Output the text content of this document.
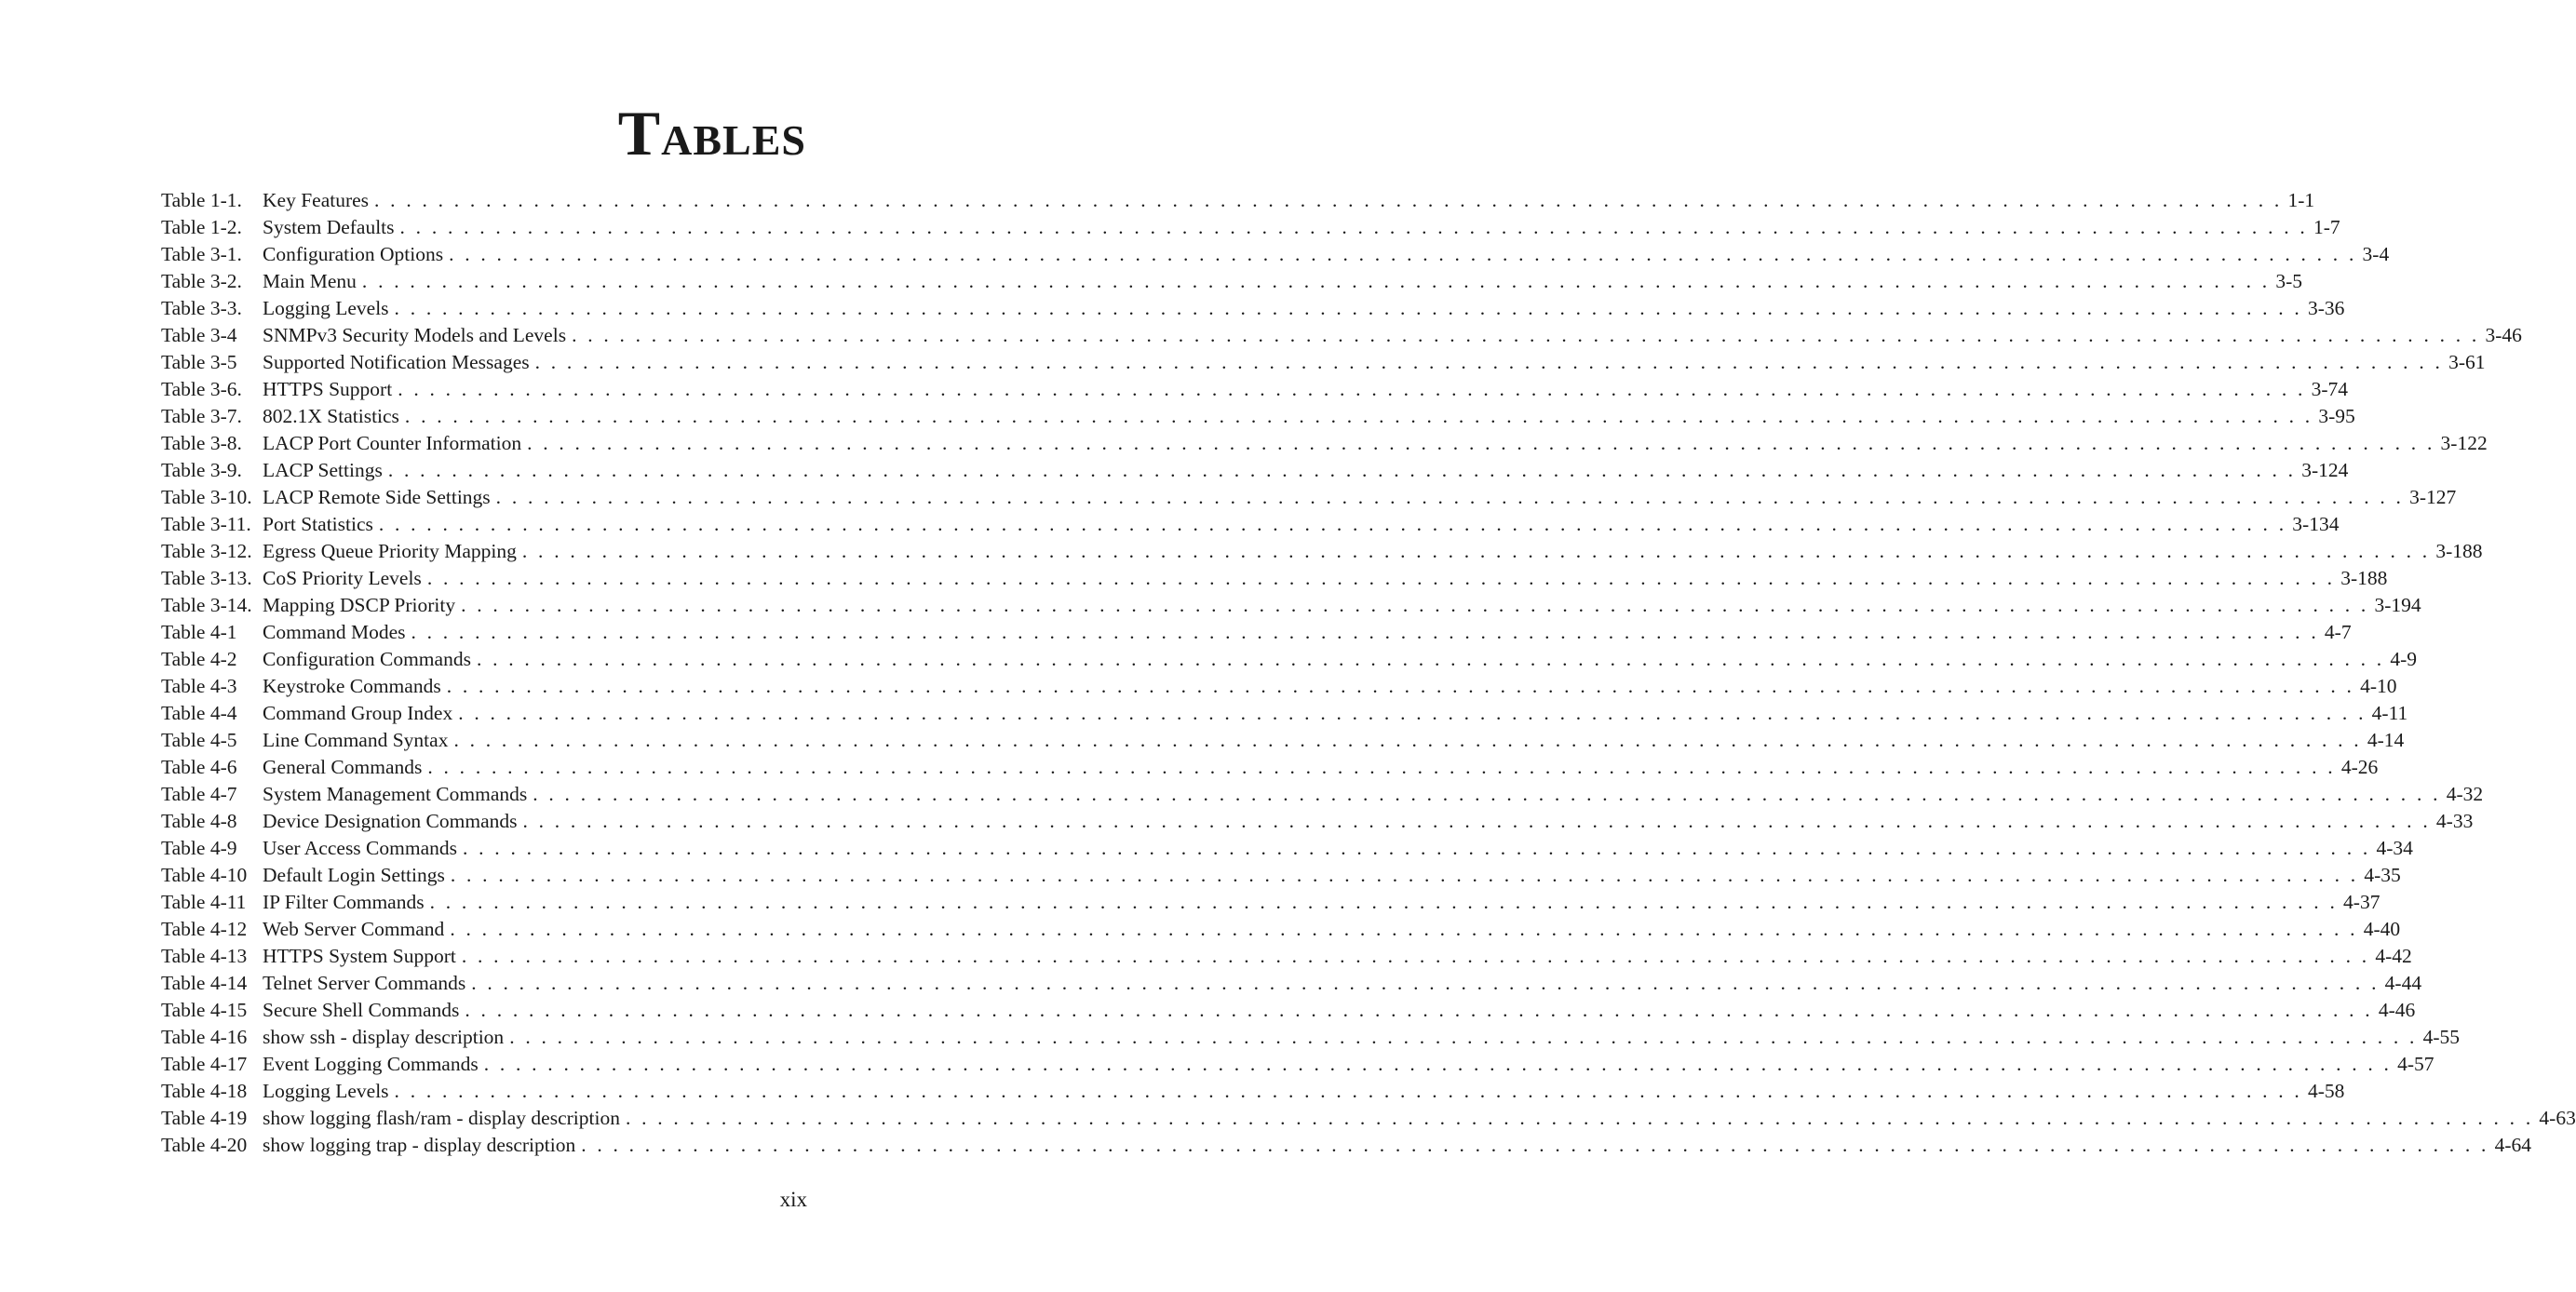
TABLES
Table 1-1.	Key Features . . . . . . . . . . . . . . . . . . . . . . . . . . . . . . . . . . . . . . . . . . . . . . . . . . . . . . . . . . . . . . . . . . . . . . . . . . . . . . . . . . . . . . . . . . . . . . . . . . . . . . . . . . . . . . . . . . . . . . . . 1-1
Table 1-2.	System Defaults . . . . . . . . . . . . . . . . . . . . . . . . . . . . . . . . . . . . . . . . . . . . . . . . . . . . . . . . . . . . . . . . . . . . . . . . . . . . . . . . . . . . . . . . . . . . . . . . . . . . . . . . . . . . . . . . . . . . . . . . 1-7
Table 3-1.	Configuration Options . . . . . . . . . . . . . . . . . . . . . . . . . . . . . . . . . . . . . . . . . . . . . . . . . . . . . . . . . . . . . . . . . . . . . . . . . . . . . . . . . . . . . . . . . . . . . . . . . . . . . . . . . . . . . . . . . . . . . . . . 3-4
Table 3-2.	Main Menu . . . . . . . . . . . . . . . . . . . . . . . . . . . . . . . . . . . . . . . . . . . . . . . . . . . . . . . . . . . . . . . . . . . . . . . . . . . . . . . . . . . . . . . . . . . . . . . . . . . . . . . . . . . . . . . . . . . . . . . . 3-5
Table 3-3.	Logging Levels . . . . . . . . . . . . . . . . . . . . . . . . . . . . . . . . . . . . . . . . . . . . . . . . . . . . . . . . . . . . . . . . . . . . . . . . . . . . . . . . . . . . . . . . . . . . . . . . . . . . . . . . . . . . . . . . . . . . . . . . 3-36
Table 3-4	SNMPv3 Security Models and Levels . . . . . . . . . . . . . . . . . . . . . . . . . . . . . . . . . . . . . . . . . . . . . . . . . . . . . . . . . . . . . . . . . . . . . . . . . . . . . . . . . . . . . . . . . . . . . . . . . . . . . . . . . . . . . . . . . . . . . . . . 3-46
Table 3-5	Supported Notification Messages . . . . . . . . . . . . . . . . . . . . . . . . . . . . . . . . . . . . . . . . . . . . . . . . . . . . . . . . . . . . . . . . . . . . . . . . . . . . . . . . . . . . . . . . . . . . . . . . . . . . . . . . . . . . . . . . . . . . . . . . 3-61
Table 3-6.	HTTPS Support . . . . . . . . . . . . . . . . . . . . . . . . . . . . . . . . . . . . . . . . . . . . . . . . . . . . . . . . . . . . . . . . . . . . . . . . . . . . . . . . . . . . . . . . . . . . . . . . . . . . . . . . . . . . . . . . . . . . . . . . 3-74
Table 3-7.	802.1X Statistics . . . . . . . . . . . . . . . . . . . . . . . . . . . . . . . . . . . . . . . . . . . . . . . . . . . . . . . . . . . . . . . . . . . . . . . . . . . . . . . . . . . . . . . . . . . . . . . . . . . . . . . . . . . . . . . . . . . . . . . . 3-95
Table 3-8.	LACP Port Counter Information . . . . . . . . . . . . . . . . . . . . . . . . . . . . . . . . . . . . . . . . . . . . . . . . . . . . . . . . . . . . . . . . . . . . . . . . . . . . . . . . . . . . . . . . . . . . . . . . . . . . . . . . . . . . . . . . . . . . . . . . 3-122
Table 3-9.	LACP Settings . . . . . . . . . . . . . . . . . . . . . . . . . . . . . . . . . . . . . . . . . . . . . . . . . . . . . . . . . . . . . . . . . . . . . . . . . . . . . . . . . . . . . . . . . . . . . . . . . . . . . . . . . . . . . . . . . . . . . . . . 3-124
Table 3-10. LACP Remote Side Settings . . . . . . . . . . . . . . . . . . . . . . . . . . . . . . . . . . . . . . . . . . . . . . . . . . . . . . . . . . . . . . . . . . . . . . . . . . . . . . . . . . . . . . . . . . . . . . . . . . . . . . . . . . . . . . . . . . . . . . . . 3-127
Table 3-11. Port Statistics . . . . . . . . . . . . . . . . . . . . . . . . . . . . . . . . . . . . . . . . . . . . . . . . . . . . . . . . . . . . . . . . . . . . . . . . . . . . . . . . . . . . . . . . . . . . . . . . . . . . . . . . . . . . . . . . . . . . . . . . 3-134
Table 3-12. Egress Queue Priority Mapping . . . . . . . . . . . . . . . . . . . . . . . . . . . . . . . . . . . . . . . . . . . . . . . . . . . . . . . . . . . . . . . . . . . . . . . . . . . . . . . . . . . . . . . . . . . . . . . . . . . . . . . . . . . . . . . . . . . . . . . . 3-188
Table 3-13. CoS Priority Levels . . . . . . . . . . . . . . . . . . . . . . . . . . . . . . . . . . . . . . . . . . . . . . . . . . . . . . . . . . . . . . . . . . . . . . . . . . . . . . . . . . . . . . . . . . . . . . . . . . . . . . . . . . . . . . . . . . . . . . . . 3-188
Table 3-14. Mapping DSCP Priority . . . . . . . . . . . . . . . . . . . . . . . . . . . . . . . . . . . . . . . . . . . . . . . . . . . . . . . . . . . . . . . . . . . . . . . . . . . . . . . . . . . . . . . . . . . . . . . . . . . . . . . . . . . . . . . . . . . . . . . . 3-194
Table 4-1	Command Modes . . . . . . . . . . . . . . . . . . . . . . . . . . . . . . . . . . . . . . . . . . . . . . . . . . . . . . . . . . . . . . . . . . . . . . . . . . . . . . . . . . . . . . . . . . . . . . . . . . . . . . . . . . . . . . . . . . . . . . . . 4-7
Table 4-2	Configuration Commands . . . . . . . . . . . . . . . . . . . . . . . . . . . . . . . . . . . . . . . . . . . . . . . . . . . . . . . . . . . . . . . . . . . . . . . . . . . . . . . . . . . . . . . . . . . . . . . . . . . . . . . . . . . . . . . . . . . . . . . . 4-9
Table 4-3	Keystroke Commands . . . . . . . . . . . . . . . . . . . . . . . . . . . . . . . . . . . . . . . . . . . . . . . . . . . . . . . . . . . . . . . . . . . . . . . . . . . . . . . . . . . . . . . . . . . . . . . . . . . . . . . . . . . . . . . . . . . . . . . . 4-10
Table 4-4	Command Group Index . . . . . . . . . . . . . . . . . . . . . . . . . . . . . . . . . . . . . . . . . . . . . . . . . . . . . . . . . . . . . . . . . . . . . . . . . . . . . . . . . . . . . . . . . . . . . . . . . . . . . . . . . . . . . . . . . . . . . . . . 4-11
Table 4-5	Line Command Syntax . . . . . . . . . . . . . . . . . . . . . . . . . . . . . . . . . . . . . . . . . . . . . . . . . . . . . . . . . . . . . . . . . . . . . . . . . . . . . . . . . . . . . . . . . . . . . . . . . . . . . . . . . . . . . . . . . . . . . . . . 4-14
Table 4-6	General Commands . . . . . . . . . . . . . . . . . . . . . . . . . . . . . . . . . . . . . . . . . . . . . . . . . . . . . . . . . . . . . . . . . . . . . . . . . . . . . . . . . . . . . . . . . . . . . . . . . . . . . . . . . . . . . . . . . . . . . . . . 4-26
Table 4-7	System Management Commands . . . . . . . . . . . . . . . . . . . . . . . . . . . . . . . . . . . . . . . . . . . . . . . . . . . . . . . . . . . . . . . . . . . . . . . . . . . . . . . . . . . . . . . . . . . . . . . . . . . . . . . . . . . . . . . . . . . . . . . . 4-32
Table 4-8	Device Designation Commands . . . . . . . . . . . . . . . . . . . . . . . . . . . . . . . . . . . . . . . . . . . . . . . . . . . . . . . . . . . . . . . . . . . . . . . . . . . . . . . . . . . . . . . . . . . . . . . . . . . . . . . . . . . . . . . . . . . . . . . . 4-33
Table 4-9	User Access Commands . . . . . . . . . . . . . . . . . . . . . . . . . . . . . . . . . . . . . . . . . . . . . . . . . . . . . . . . . . . . . . . . . . . . . . . . . . . . . . . . . . . . . . . . . . . . . . . . . . . . . . . . . . . . . . . . . . . . . . . . 4-34
Table 4-10 Default Login Settings . . . . . . . . . . . . . . . . . . . . . . . . . . . . . . . . . . . . . . . . . . . . . . . . . . . . . . . . . . . . . . . . . . . . . . . . . . . . . . . . . . . . . . . . . . . . . . . . . . . . . . . . . . . . . . . . . . . . . . . . 4-35
Table 4-11 IP Filter Commands . . . . . . . . . . . . . . . . . . . . . . . . . . . . . . . . . . . . . . . . . . . . . . . . . . . . . . . . . . . . . . . . . . . . . . . . . . . . . . . . . . . . . . . . . . . . . . . . . . . . . . . . . . . . . . . . . . . . . . . . 4-37
Table 4-12 Web Server Command . . . . . . . . . . . . . . . . . . . . . . . . . . . . . . . . . . . . . . . . . . . . . . . . . . . . . . . . . . . . . . . . . . . . . . . . . . . . . . . . . . . . . . . . . . . . . . . . . . . . . . . . . . . . . . . . . . . . . . . . 4-40
Table 4-13 HTTPS System Support . . . . . . . . . . . . . . . . . . . . . . . . . . . . . . . . . . . . . . . . . . . . . . . . . . . . . . . . . . . . . . . . . . . . . . . . . . . . . . . . . . . . . . . . . . . . . . . . . . . . . . . . . . . . . . . . . . . . . . . . 4-42
Table 4-14 Telnet Server Commands . . . . . . . . . . . . . . . . . . . . . . . . . . . . . . . . . . . . . . . . . . . . . . . . . . . . . . . . . . . . . . . . . . . . . . . . . . . . . . . . . . . . . . . . . . . . . . . . . . . . . . . . . . . . . . . . . . . . . . . . 4-44
Table 4-15 Secure Shell Commands . . . . . . . . . . . . . . . . . . . . . . . . . . . . . . . . . . . . . . . . . . . . . . . . . . . . . . . . . . . . . . . . . . . . . . . . . . . . . . . . . . . . . . . . . . . . . . . . . . . . . . . . . . . . . . . . . . . . . . . . 4-46
Table 4-16 show ssh - display description . . . . . . . . . . . . . . . . . . . . . . . . . . . . . . . . . . . . . . . . . . . . . . . . . . . . . . . . . . . . . . . . . . . . . . . . . . . . . . . . . . . . . . . . . . . . . . . . . . . . . . . . . . . . . . . . . . . . . . . . 4-55
Table 4-17 Event Logging Commands . . . . . . . . . . . . . . . . . . . . . . . . . . . . . . . . . . . . . . . . . . . . . . . . . . . . . . . . . . . . . . . . . . . . . . . . . . . . . . . . . . . . . . . . . . . . . . . . . . . . . . . . . . . . . . . . . . . . . . . . 4-57
Table 4-18 Logging Levels . . . . . . . . . . . . . . . . . . . . . . . . . . . . . . . . . . . . . . . . . . . . . . . . . . . . . . . . . . . . . . . . . . . . . . . . . . . . . . . . . . . . . . . . . . . . . . . . . . . . . . . . . . . . . . . . . . . . . . . . 4-58
Table 4-19 show logging flash/ram - display description . . . . . . . . . . . . . . . . . . . . . . . . . . . . . . . . . . . . . . . . . . . . . . . . . . . . . . . . . . . . . . . . . . . . . . . . . . . . . . . . . . . . . . . . . . . . . . . . . . . . . . . . . . . . . . . . . . . . . . . . 4-63
Table 4-20 show logging trap - display description . . . . . . . . . . . . . . . . . . . . . . . . . . . . . . . . . . . . . . . . . . . . . . . . . . . . . . . . . . . . . . . . . . . . . . . . . . . . . . . . . . . . . . . . . . . . . . . . . . . . . . . . . . . . . . . . . . . . . . . . 4-64
xix
